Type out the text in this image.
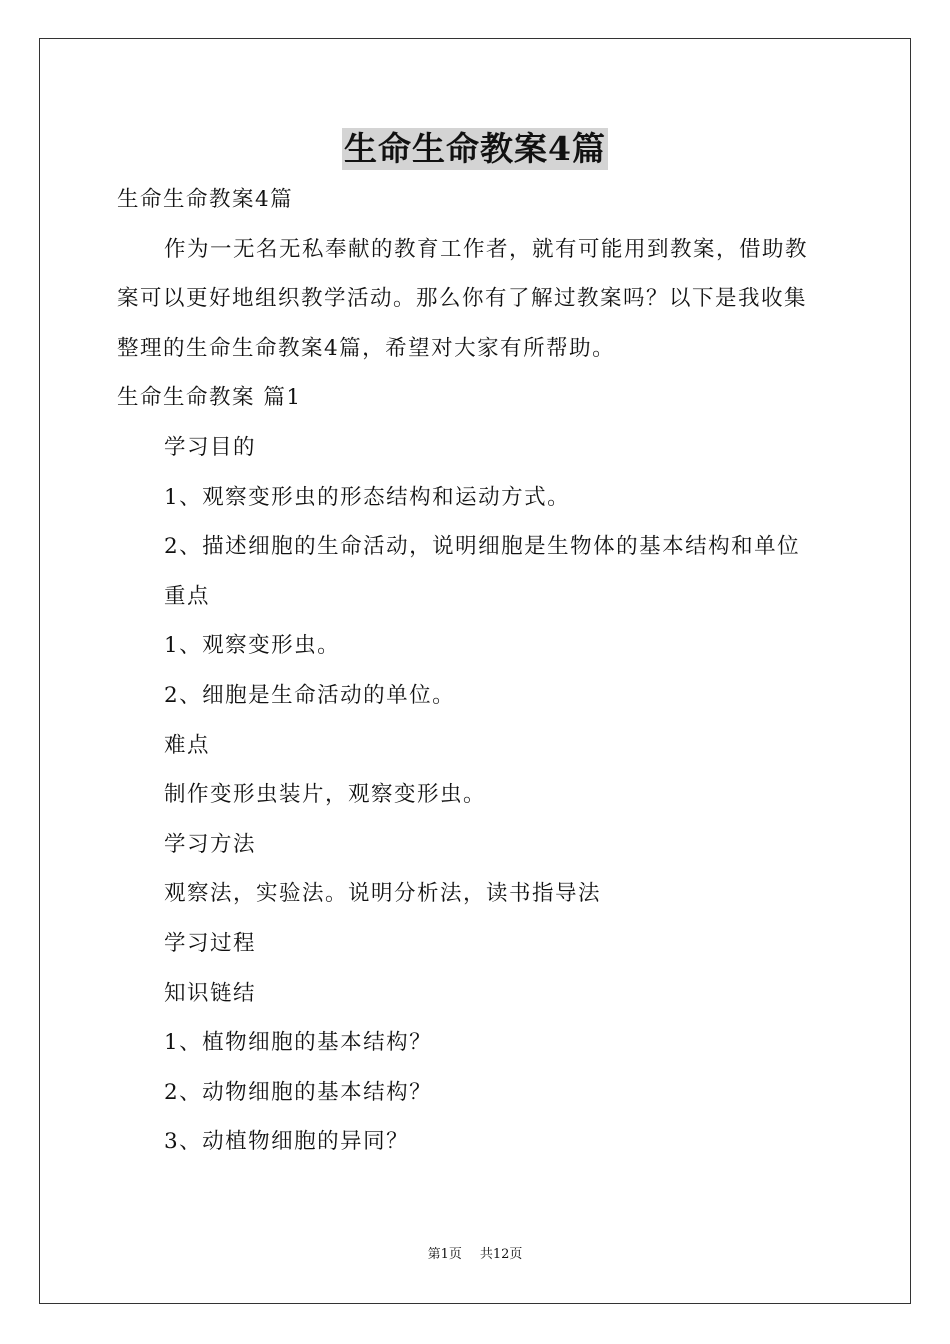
生命生命教案4篇
生命生命教案4篇
作为一无名无私奉献的教育工作者，就有可能用到教案，借助教
案可以更好地组织教学活动。那么你有了解过教案吗？以下是我收集
整理的生命生命教案4篇，希望对大家有所帮助。
生命生命教案 篇1
学习目的
1、观察变形虫的形态结构和运动方式。
2、描述细胞的生命活动，说明细胞是生物体的基本结构和单位
重点
1、观察变形虫。
2、细胞是生命活动的单位。
难点
制作变形虫装片，观察变形虫。
学习方法
观察法，实验法。说明分析法，读书指导法
学习过程
知识链结
1、植物细胞的基本结构？
2、动物细胞的基本结构？
3、动植物细胞的异同？
第1页 共12页
